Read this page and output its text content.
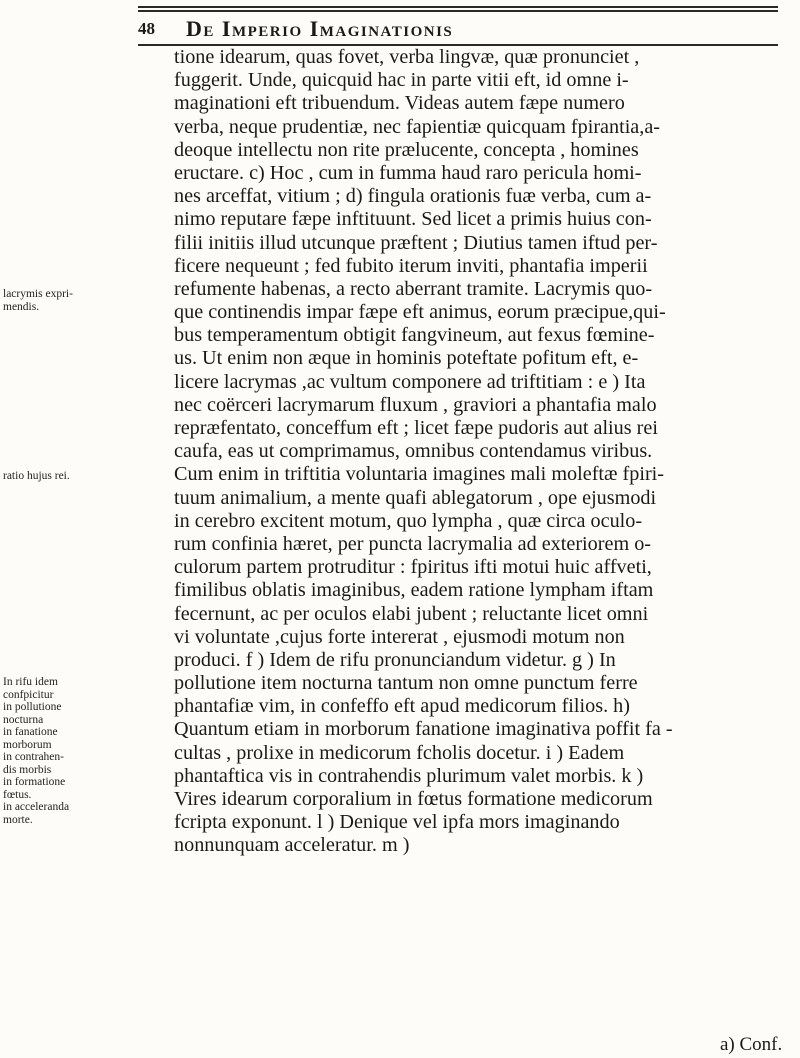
48 De Imperio Imaginationis
tione idearum, quas fovet, verba lingvæ, quæ pronunciet ,
fuggerit. Unde, quicquid hac in parte vitii eft, id omne i-
maginationi eft tribuendum. Videas autem fæpe numero
verba, neque prudentiæ, nec fapientiæ quicquam fpirantia,a-
deoque intellectu non rite prælucente, concepta , homines
eructare. c) Hoc , cum in fumma haud raro pericula homi-
nes arceffat, vitium ; d) fingula orationis fuæ verba, cum a-
nimo reputare fæpe inftituunt. Sed licet a primis huius con-
filii initiis illud utcunque præftent ; Diutius tamen iftud per-
ficere nequeunt ; fed fubito iterum inviti, phantafia imperii
refumente habenas, a recto aberrant tramite. Lacrymis quo-
que continendis impar fæpe eft animus, eorum præcipue,qui-
bus temperamentum obtigit fangvineum, aut fexus fœmine-
us. Ut enim non æque in hominis poteftate pofitum eft, e-
licere lacrymas ,ac vultum componere ad triftitiam : e ) Ita
nec coërceri lacrymarum fluxum , graviori a phantafia malo
repræfentato, conceffum eft ; licet fæpe pudoris aut alius rei
caufa, eas ut comprimamus, omnibus contendamus viribus.
Cum enim in triftitia voluntaria imagines mali moleftæ fpiri-
tuum animalium, a mente quafi ablegatorum , ope ejusmodi
in cerebro excitent motum, quo lympha , quæ circa oculo-
rum confinia hæret, per puncta lacrymalia ad exteriorem o-
culorum partem protruditur : fpiritus ifti motui huic affveti,
fimilibus oblatis imaginibus, eadem ratione lympham iftam
fecernunt, ac per oculos elabi jubent ; reluctante licet omni
vi voluntate ,cujus forte intererat , ejusmodi motum non
produci. f ) Idem de rifu pronunciandum videtur. g ) In
pollutione item nocturna tantum non omne punctum ferre
phantafiæ vim, in confeffo eft apud medicorum filios. h)
Quantum etiam in morborum fanatione imaginativa poffit fa -
cultas , prolixe in medicorum fcholis docetur. i ) Eadem
phantaftica vis in contrahendis plurimum valet morbis. k )
Vires idearum corporalium in fœtus formatione medicorum
fcripta exponunt. l ) Denique vel ipfa mors imaginando
nonnunquam acceleratur. m )
lacrymis expri-
mendis.
ratio hujus rei.
In rifu idem
confpicitur
in pollutione
nocturna
in fanatione
morborum
in contrahen-
dis morbis
in formatione
fœtus.
in acceleranda
morte.
a) Conf.
